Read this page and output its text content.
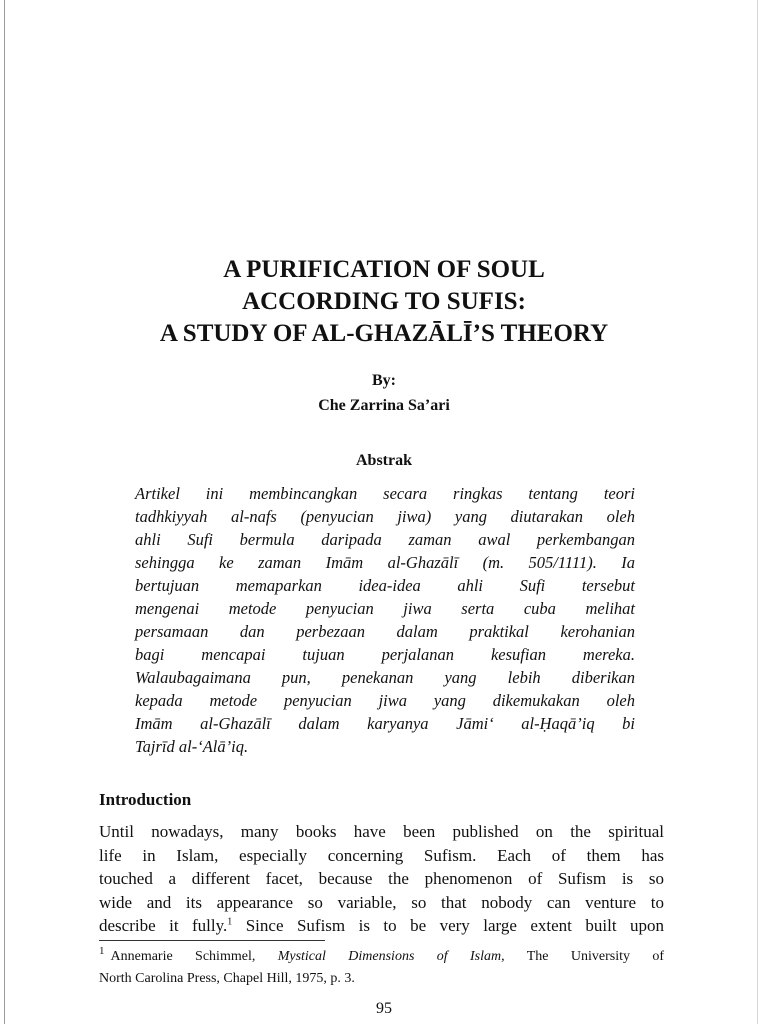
A PURIFICATION OF SOUL
ACCORDING TO SUFIS:
A STUDY OF AL-GHAZĀLĪ’S THEORY
By:
Che Zarrina Sa’ari
Abstrak
Artikel ini membincangkan secara ringkas tentang teori
tadhkiyyah al-nafs (penyucian jiwa) yang diutarakan oleh
ahli Sufi bermula daripada zaman awal perkembangan
sehingga ke zaman Imām al-Ghazālī (m. 505/1111). Ia
bertujuan memaparkan idea-idea ahli Sufi tersebut
mengenai metode penyucian jiwa serta cuba melihat
persamaan dan perbezaan dalam praktikal kerohanian
bagi mencapai tujuan perjalanan kesufian mereka.
Walaubagaimana pun, penekanan yang lebih diberikan
kepada metode penyucian jiwa yang dikemukakan oleh
Imām al-Ghazālī dalam karyanya Jāmi‘ al-Ḥaqā’iq bi
Tajrīd al-‘Alā’iq.
Introduction
Until nowadays, many books have been published on the spiritual
life in Islam, especially concerning Sufism. Each of them has
touched a different facet, because the phenomenon of Sufism is so
wide and its appearance so variable, so that nobody can venture to
describe it fully.$^1$ Since Sufism is to be very large extent built upon
$^1$ Annemarie Schimmel, Mystical Dimensions of Islam, The University of
North Carolina Press, Chapel Hill, 1975, p. 3.
95
